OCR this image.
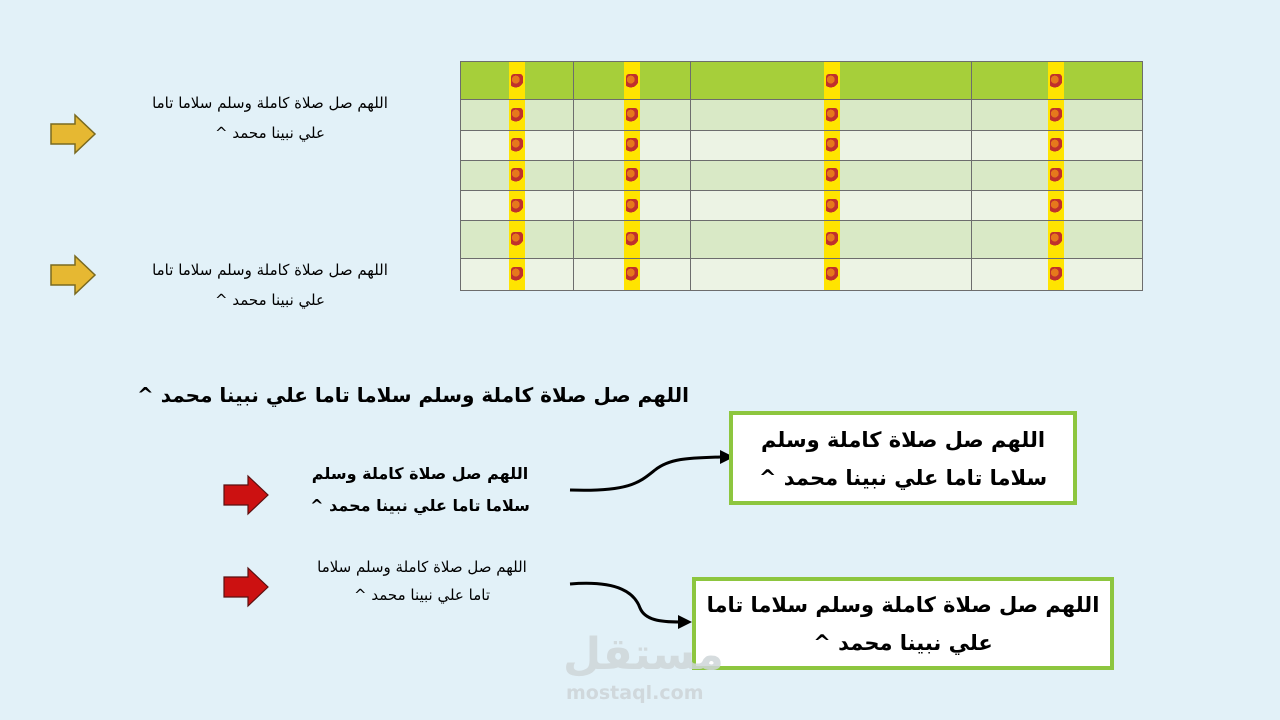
اللهم صل صلاة كاملة وسلم سلاما تاما
علي نبينا محمد ^
اللهم صل صلاة كاملة وسلم سلاما تاما
علي نبينا محمد ^

اللهم صل صلاة كاملة وسلم سلاما تاما علي نبينا محمد ^
اللهم صل صلاة كاملة وسلم
سلاما تاما علي نبينا محمد ^
اللهم صل صلاة كاملة وسلم سلاما
تاما علي نبينا محمد ^
اللهم صل صلاة كاملة وسلم
سلاما تاما علي نبينا محمد ^
اللهم صل صلاة كاملة وسلم سلاما تاما
علي نبينا محمد ^
مستقل
mostaql.com
